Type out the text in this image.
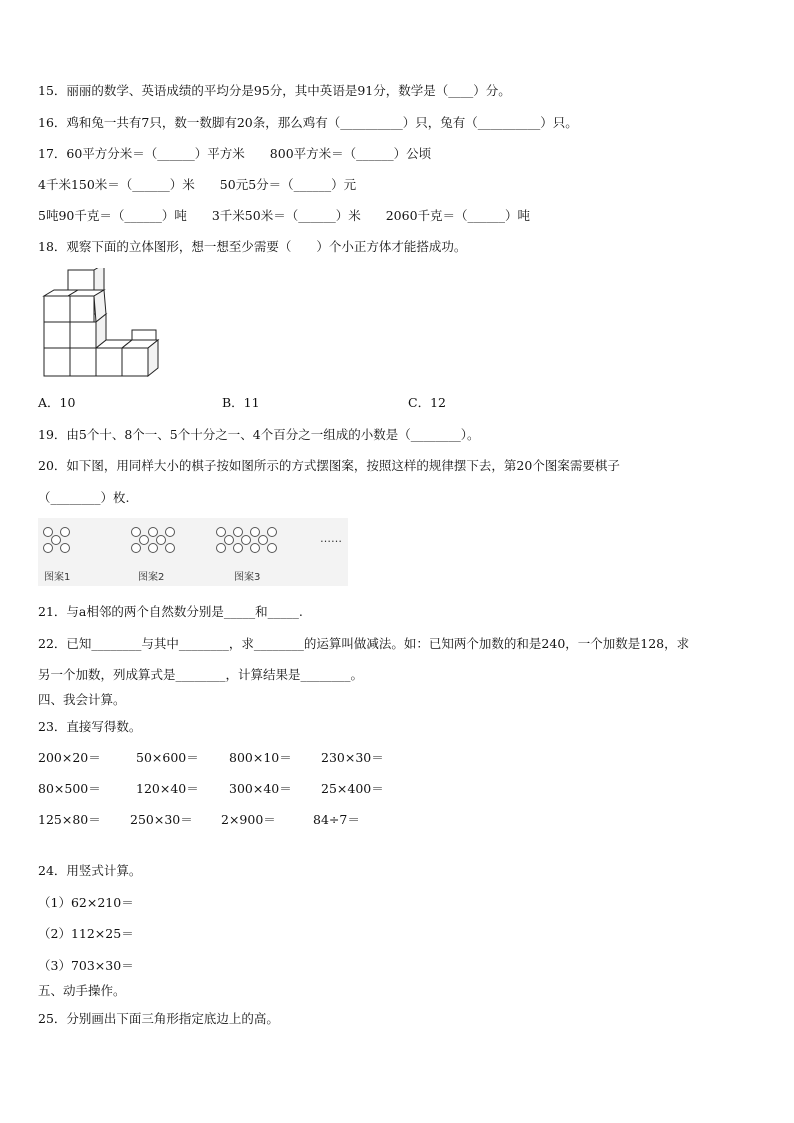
15．丽丽的数学、英语成绩的平均分是95分，其中英语是91分，数学是（____）分。
16．鸡和兔一共有7只，数一数脚有20条，那么鸡有（__________）只，兔有（__________）只。
17．60平方分米＝（______）平方米　　800平方米＝（______）公顷
4千米150米＝（______）米　　50元5分＝（______）元
5吨90千克＝（______）吨　　3千米50米＝（______）米　　2060千克＝（______）吨
18．观察下面的立体图形，想一想至少需要（　　）个小正方体才能搭成功。
A．10	B．11	C．12
19．由5个十、8个一、5个十分之一、4个百分之一组成的小数是（________）。
20．如下图，用同样大小的棋子按如图所示的方式摆图案，按照这样的规律摆下去，第20个图案需要棋子
（________）枚.
……
图案1	图案2	图案3
21．与a相邻的两个自然数分别是_____和_____.
22．已知________与其中________，求________的运算叫做减法。如：已知两个加数的和是240，一个加数是128，求
另一个加数，列成算式是________，计算结果是________。
四、我会计算。
23．直接写得数。
200×20＝	50×600＝ 800×10＝ 230×30＝
80×500＝	120×40＝ 300×40＝ 25×400＝
125×80＝ 250×30＝ 2×900＝	84÷7＝
24．用竖式计算。
（1）62×210＝
（2）112×25＝
（3）703×30＝
五、动手操作。
25．分别画出下面三角形指定底边上的高。
